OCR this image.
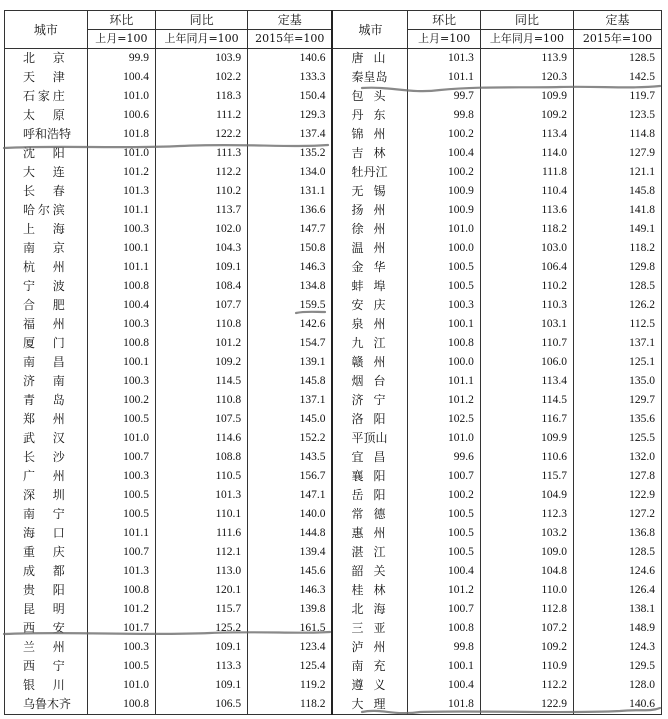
城市	环比	同比	定基	城市	环比	同比	定基
	上月=100	上年同月=100	2015年=100		上月=100	上年同月=100	2015年=100
北京	99.9	103.9	140.6	唐山	101.3	113.9	128.5
天津	100.4	102.2	133.3	秦皇岛	101.1	120.3	142.5
石家庄	101.0	118.3	150.4	包头	99.7	109.9	119.7
太原	100.6	111.2	129.3	丹东	99.8	109.2	123.5
呼和浩特	101.8	122.2	137.4	锦州	100.2	113.4	114.8
沈阳	101.0	111.3	135.2	吉林	100.4	114.0	127.9
大连	101.2	112.2	134.0	牡丹江	100.2	111.8	121.1
长春	101.3	110.2	131.1	无锡	100.9	110.4	145.8
哈尔滨	101.1	113.7	136.6	扬州	100.9	113.6	141.8
上海	100.3	102.0	147.7	徐州	101.0	118.2	149.1
南京	100.1	104.3	150.8	温州	100.0	103.0	118.2
杭州	101.1	109.1	146.3	金华	100.5	106.4	129.8
宁波	100.8	108.4	134.8	蚌埠	100.5	110.2	128.5
合肥	100.4	107.7	159.5	安庆	100.3	110.3	126.2
福州	100.3	110.8	142.6	泉州	100.1	103.1	112.5
厦门	100.8	101.2	154.7	九江	100.8	110.7	137.1
南昌	100.1	109.2	139.1	赣州	100.0	106.0	125.1
济南	100.3	114.5	145.8	烟台	101.1	113.4	135.0
青岛	100.2	110.8	137.1	济宁	101.2	114.5	129.7
郑州	100.5	107.5	145.0	洛阳	102.5	116.7	135.6
武汉	101.0	114.6	152.2	平顶山	101.0	109.9	125.5
长沙	100.7	108.8	143.5	宜昌	99.6	110.6	132.0
广州	100.3	110.5	156.7	襄阳	100.7	115.7	127.8
深圳	100.5	101.3	147.1	岳阳	100.2	104.9	122.9
南宁	100.5	110.1	140.0	常德	100.5	112.3	127.2
海口	101.1	111.6	144.8	惠州	100.5	103.2	136.8
重庆	100.7	112.1	139.4	湛江	100.5	109.0	128.5
成都	101.3	113.0	145.6	韶关	100.4	104.8	124.6
贵阳	100.8	120.1	146.3	桂林	101.2	110.0	126.4
昆明	101.2	115.7	139.8	北海	100.7	112.8	138.1
西安	101.7	125.2	161.5	三亚	100.8	107.2	148.9
兰州	100.3	109.1	123.4	泸州	99.8	109.2	124.3
西宁	100.5	113.3	125.4	南充	100.1	110.9	129.5
银川	101.0	109.1	119.2	遵义	100.4	112.2	128.0
乌鲁木齐	100.8	106.5	118.2	大理	101.8	122.9	140.6
